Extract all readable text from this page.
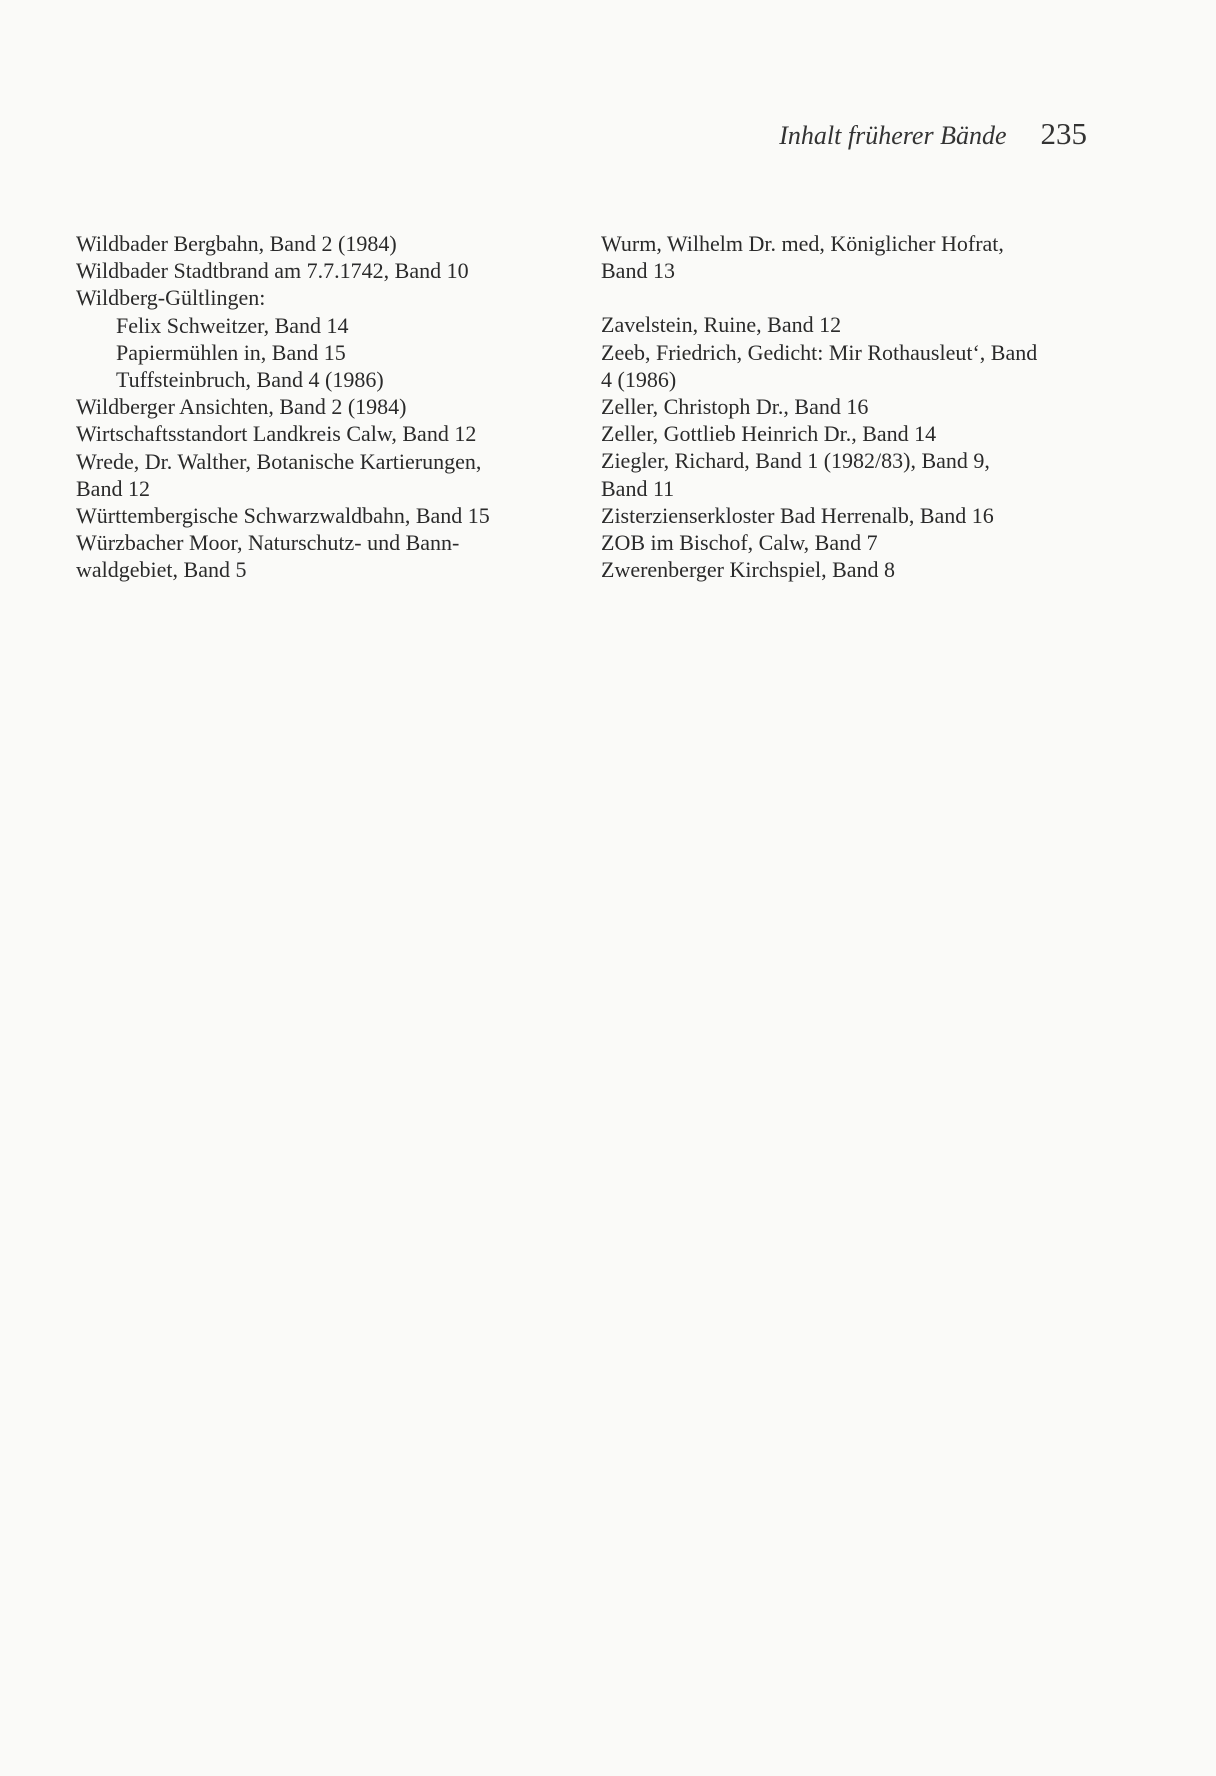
Inhalt früherer Bände 235

Wildbader Bergbahn, Band 2 (1984)

Wildbader Stadtbrand am 7.7.1742, Band 10

Wildberg-Gültlingen:

Felix Schweitzer, Band 14

Papiermühlen in, Band 15

Tuffsteinbruch, Band 4 (1986)

Wildberger Ansichten, Band 2 (1984)

Wirtschaftsstandort Landkreis Calw, Band 12

Wrede, Dr. Walther, Botanische Kartierungen,

Band 12

Württembergische Schwarzwaldbahn, Band 15

Würzbacher Moor, Naturschutz- und Bann-

waldgebiet, Band 5

Wurm, Wilhelm Dr. med, Königlicher Hofrat,

Band 13

Zavelstein, Ruine, Band 12

Zeeb, Friedrich, Gedicht: Mir Rothausleut‘, Band

4 (1986)

Zeller, Christoph Dr., Band 16

Zeller, Gottlieb Heinrich Dr., Band 14

Ziegler, Richard, Band 1 (1982/83), Band 9,

Band 11

Zisterzienserkloster Bad Herrenalb, Band 16

ZOB im Bischof, Calw, Band 7

Zwerenberger Kirchspiel, Band 8
